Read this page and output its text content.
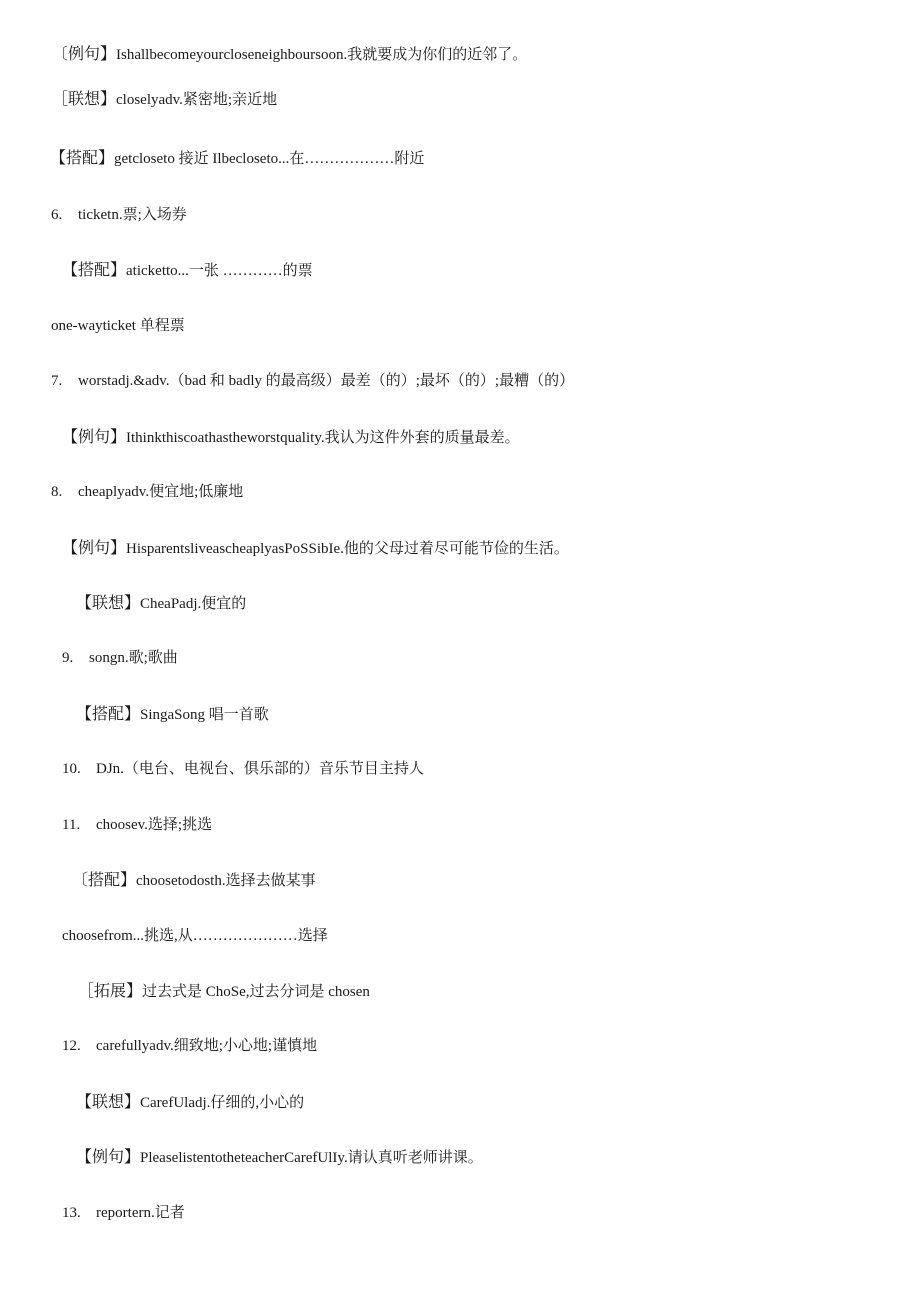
〔例句】Ishallbecomeyourcloseneighboursoon.我就要成为你们的近邻了。
［联想】closelyadv.紧密地;亲近地
【搭配】getcloseto 接近 Ilbecloseto...在………………附近
6. ticketn.票;入场券
【搭配】aticketto...一张 …………的票
one-wayticket 单程票
7. worstadj.&adv.（bad 和 badly 的最高级）最差（的）;最坏（的）;最糟（的）
【例句】Ithinkthiscoathastheworstquality.我认为这件外套的质量最差。
8. cheaplyadv.便宜地;低廉地
【例句】HisparentsliveascheaplyasPoSSibIe.他的父母过着尽可能节俭的生活。
【联想】CheaPadj.便宜的
9. songn.歌;歌曲
【搭配】SingaSong 唱一首歌
10. DJn.（电台、电视台、俱乐部的）音乐节目主持人
11. choosev.选择;挑选
〔搭配】choosetodosth.选择去做某事
choosefrom...挑选,从…………………选择
［拓展】过去式是 ChoSe,过去分词是 chosen
12. carefullyadv.细致地;小心地;谨慎地
【联想】CarefUladj.仔细的,小心的
【例句】PleaselistentotheteacherCarefUlIy.请认真听老师讲课。
13. reportern.记者
